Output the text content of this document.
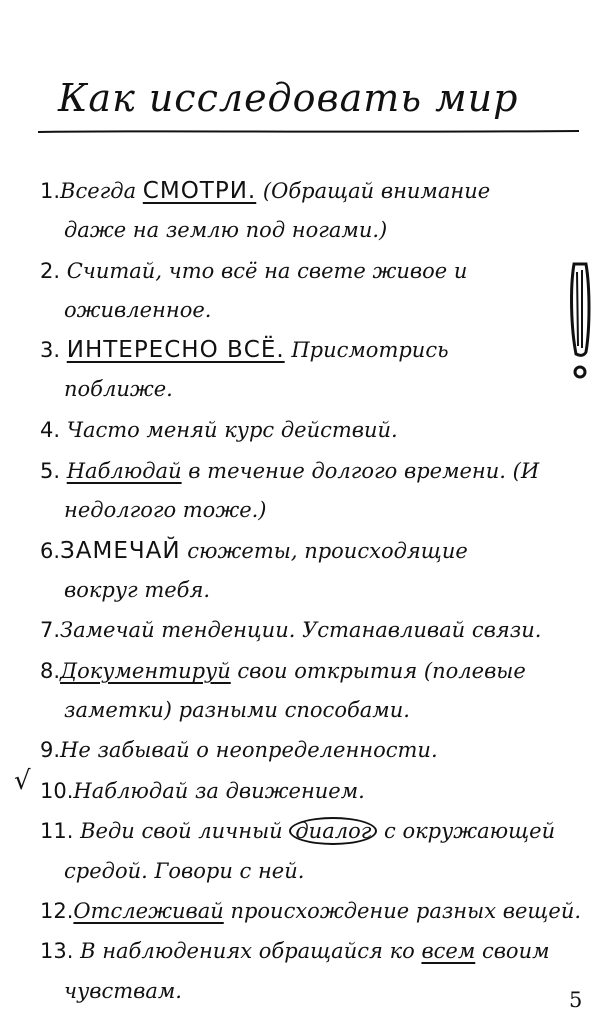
Как исследовать мир
1.Всегда СМОТРИ. (Обращай внимание
даже на землю под ногами.)
2. Считай, что всё на свете живое и
оживленное.
3. ИНТЕРЕСНО ВСЁ. Присмотрись
поближе.
4. Часто меняй курс действий.
5. Наблюдай в течение долгого времени. (И
недолгого тоже.)
6.ЗАМЕЧАЙ сюжеты, происходящие
вокруг тебя.
7.Замечай тенденции. Устанавливай связи.
8.Документируй свои открытия (полевые
заметки) разными способами.
9.Не забывай о неопределенности.
10.Наблюдай за движением.
11. Веди свой личный диалог с окружающей
средой. Говори с ней.
12.Отслеживай происхождение разных вещей.
13. В наблюдениях обращайся ко всем своим
чувствам.
√
5
